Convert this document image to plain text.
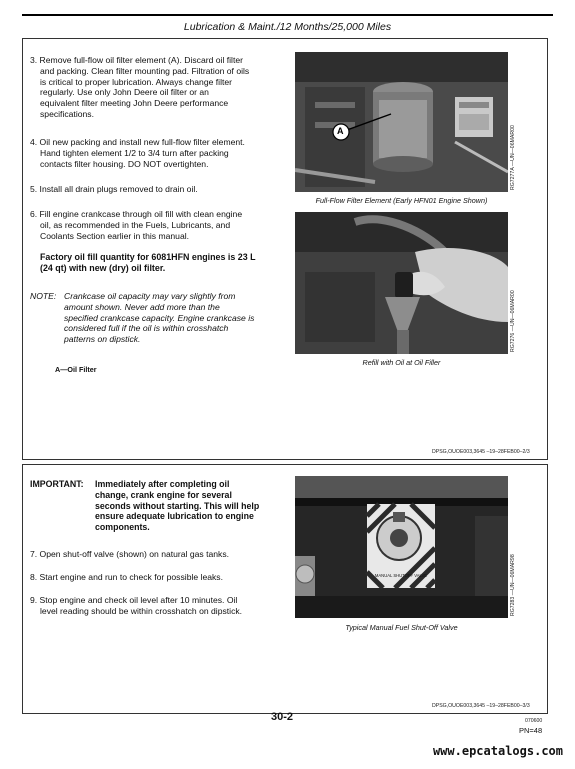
Lubrication & Maint./12 Months/25,000 Miles
3. Remove full-flow oil filter element (A). Discard oil filter
and packing. Clean filter mounting pad. Filtration of oils
is critical to proper lubrication. Always change filter
regularly. Use only John Deere oil filter or an
equivalent filter meeting John Deere performance
specifications.
4. Oil new packing and install new full-flow filter element.
Hand tighten element 1/2 to 3/4 turn after packing
contacts filter housing. DO NOT overtighten.
5. Install all drain plugs removed to drain oil.
6. Fill engine crankcase through oil fill with clean engine
oil, as recommended in the Fuels, Lubricants, and
Coolants Section earlier in this manual.
Factory oil fill quantity for 6081HFN engines is 23 L
(24 qt) with new (dry) oil filter.
NOTE: Crankcase oil capacity may vary slightly from
amount shown. Never add more than the
specified crankcase capacity. Engine crankcase is
considered full if the oil is within crosshatch
patterns on dipstick.
A—Oil Filter
A	RG7277A —UN—06MAR00
Full-Flow Filter Element (Early HFN01 Engine Shown)
RG7276 —UN—06MAR00
Refill with Oil at Oil Filler
DPSG,OUOE003,3645 –19–28FEB00–2/3
IMPORTANT: Immediately after completing oil
change, crank engine for several
seconds without starting. This will help
ensure adequate lubrication to engine
components.
7. Open shut-off valve (shown) on natural gas tanks.
8. Start engine and run to check for possible leaks.
9. Stop engine and check oil level after 10 minutes. Oil
level reading should be within crosshatch on dipstick.
MANUAL SHUTOFF VALVE	RG7283 —UN—06MAR98
Typical Manual Fuel Shut-Off Valve
DPSG,OUOE003,3645 –19–28FEB00–3/3
30-2	070600
PN=48
www.epcatalogs.com
